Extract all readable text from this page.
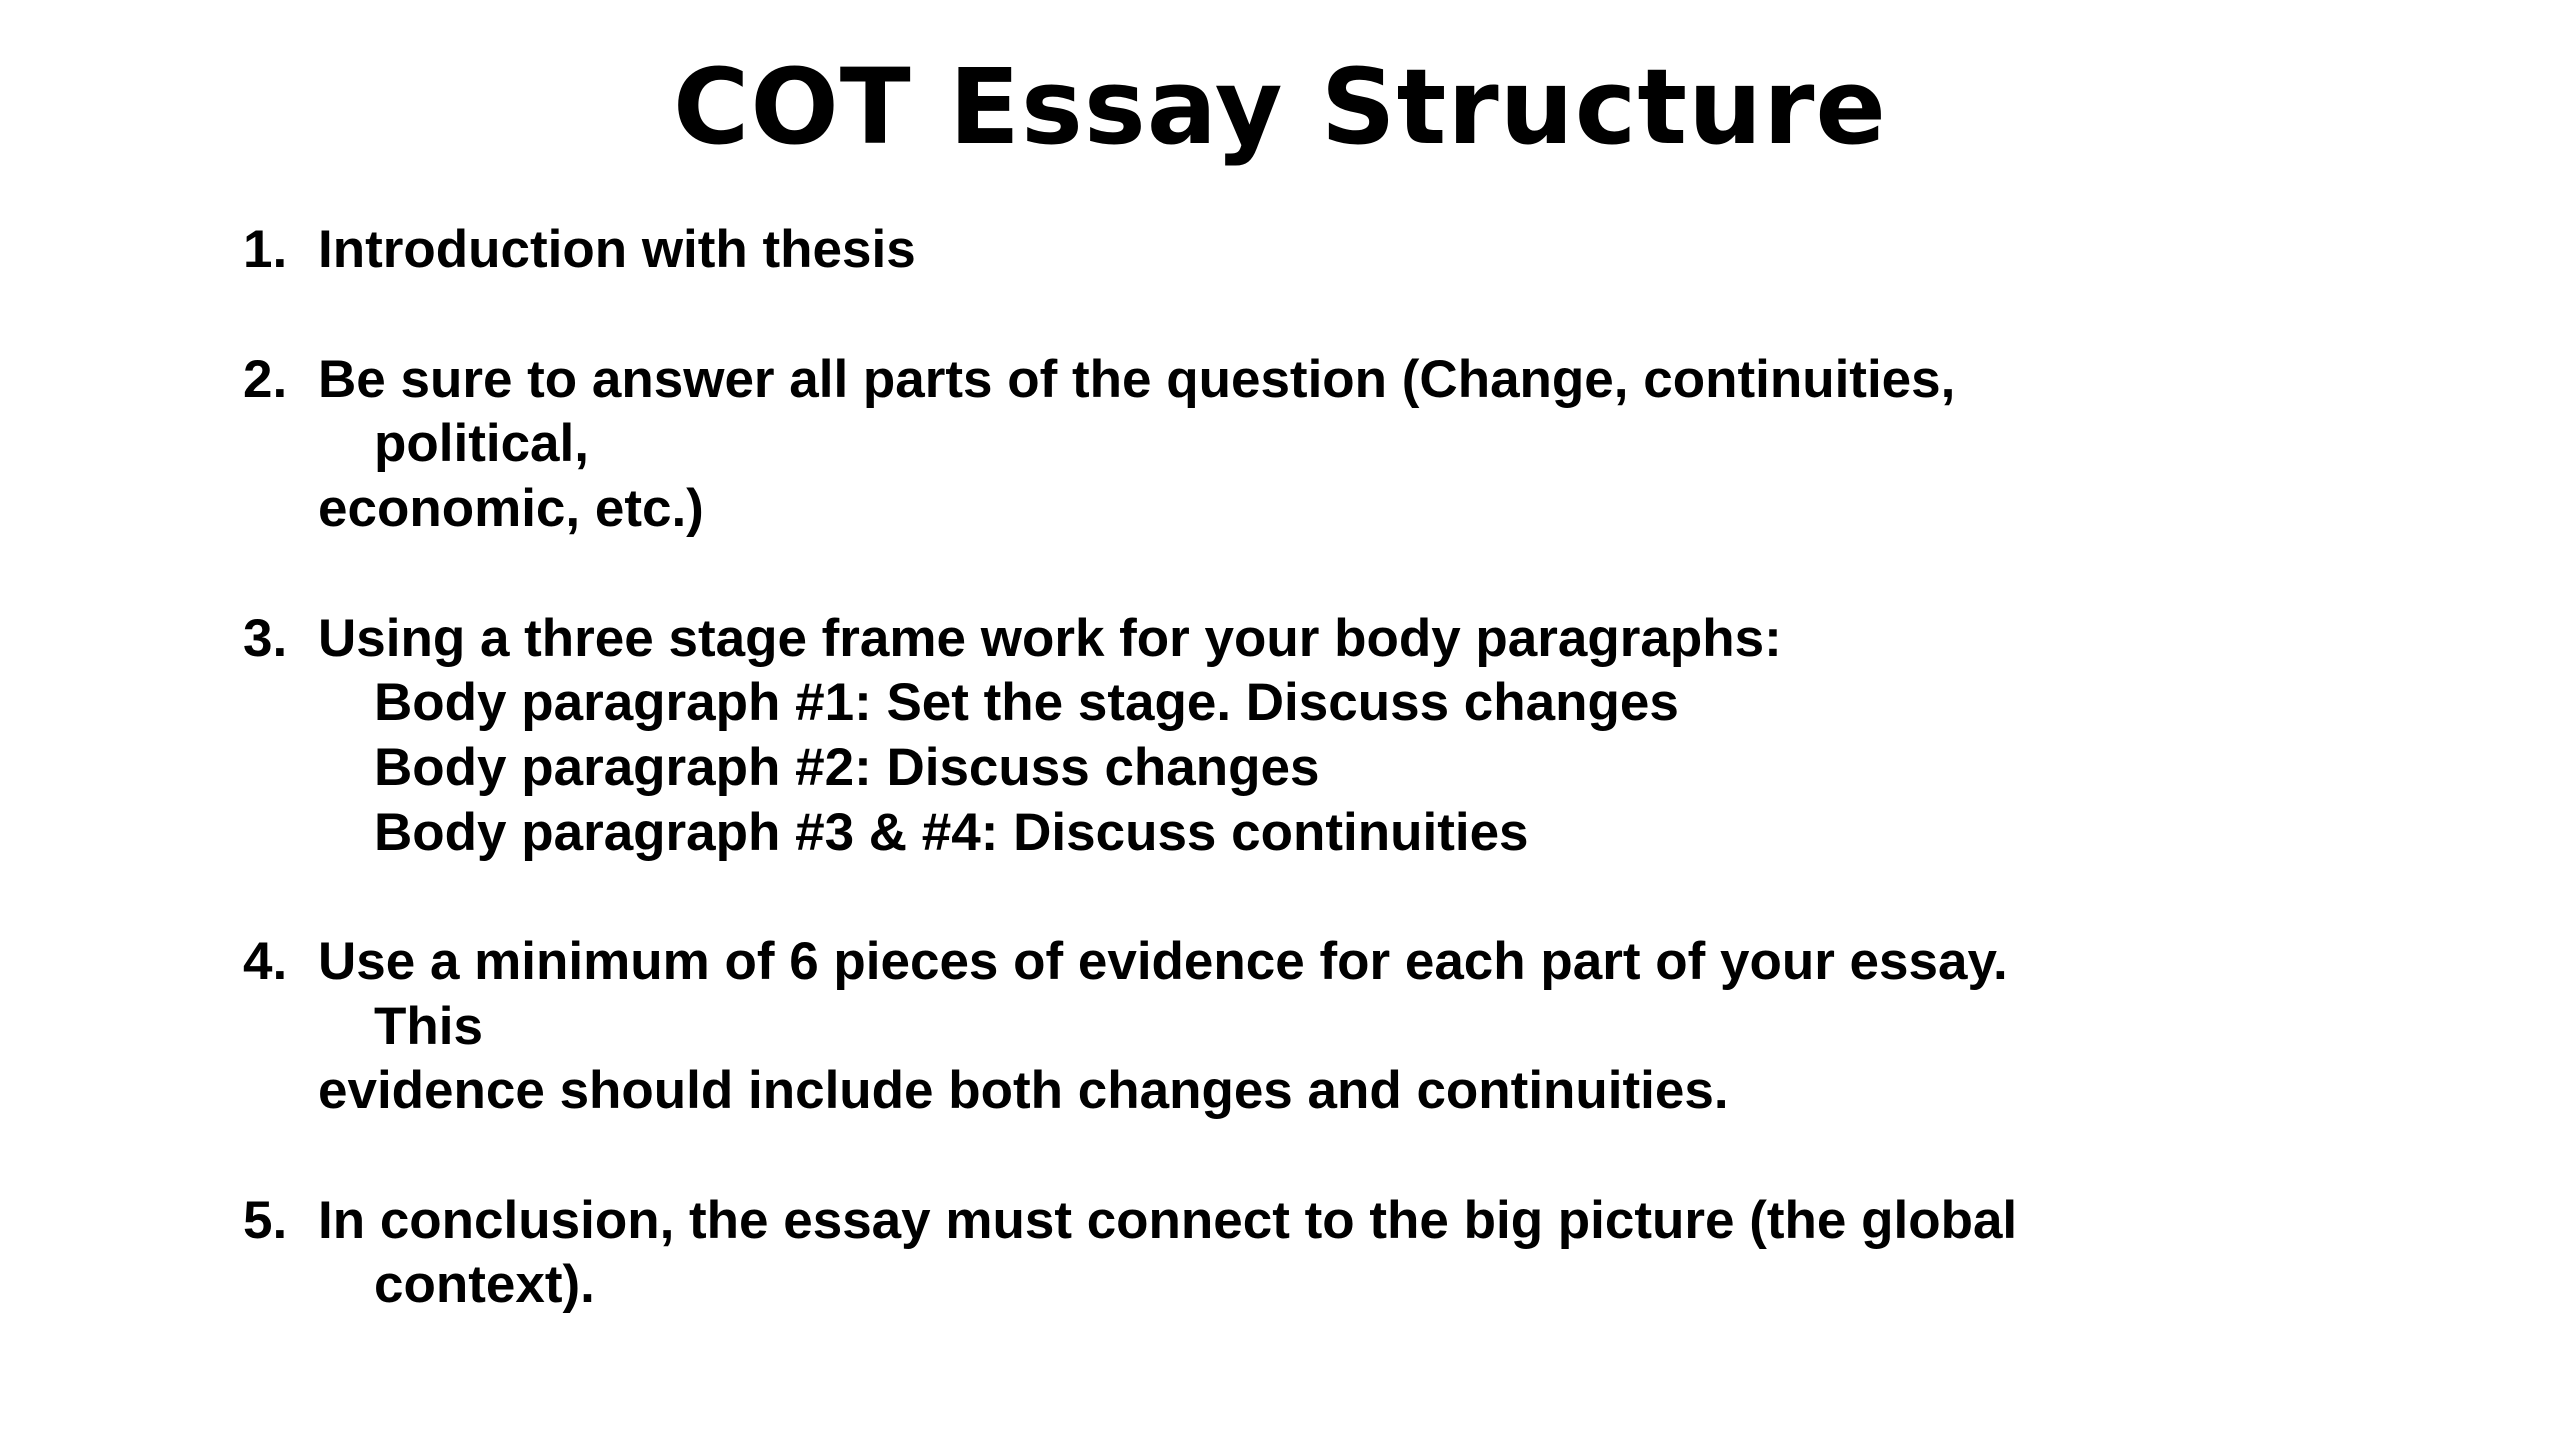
COT Essay Structure
1. Introduction with thesis

2. Be sure to answer all parts of the question (Change, continuities,

political,

economic, etc.)

3. Using a three stage frame work for your body paragraphs:

Body paragraph #1: Set the stage. Discuss changes

Body paragraph #2: Discuss changes

Body paragraph #3 & #4: Discuss continuities

4. Use a minimum of 6 pieces of evidence for each part of your essay.

This

evidence should include both changes and continuities.

5. In conclusion, the essay must connect to the big picture (the global

context).
